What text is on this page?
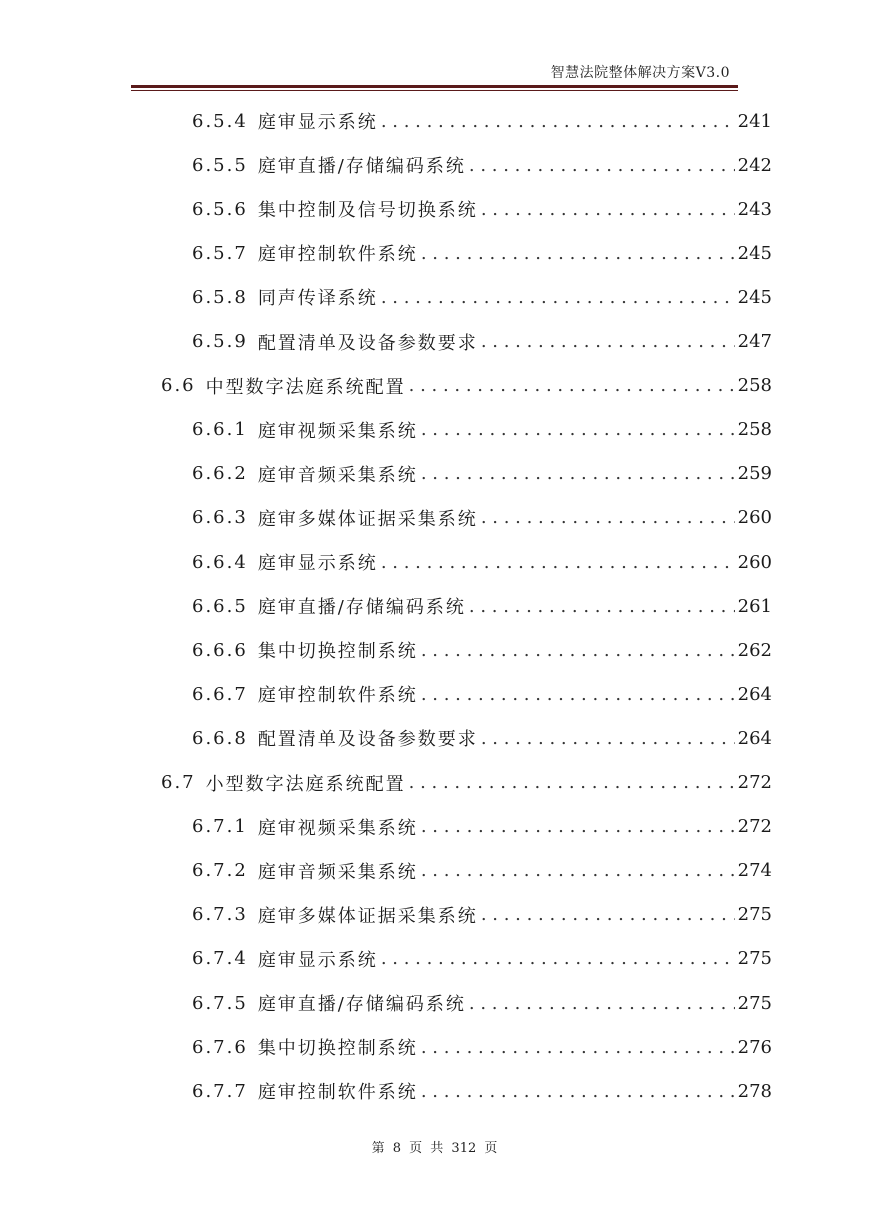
智慧法院整体解决方案V3.0
6.5.4 庭审显示系统 . . .	241
6.5.5 庭审直播/存储编码系统 . . .	242
6.5.6 集中控制及信号切换系统 . . .	243
6.5.7 庭审控制软件系统 . . .	245
6.5.8 同声传译系统 . . .	245
6.5.9 配置清单及设备参数要求 . . .	247
6.6 中型数字法庭系统配置 . . .	258
6.6.1 庭审视频采集系统 . . .	258
6.6.2 庭审音频采集系统 . . .	259
6.6.3 庭审多媒体证据采集系统 . . .	260
6.6.4 庭审显示系统 . . .	260
6.6.5 庭审直播/存储编码系统 . . .	261
6.6.6 集中切换控制系统 . . .	262
6.6.7 庭审控制软件系统 . . .	264
6.6.8 配置清单及设备参数要求 . . .	264
6.7 小型数字法庭系统配置 . . .	272
6.7.1 庭审视频采集系统 . . .	272
6.7.2 庭审音频采集系统 . . .	274
6.7.3 庭审多媒体证据采集系统 . . .	275
6.7.4 庭审显示系统 . . .	275
6.7.5 庭审直播/存储编码系统 . . .	275
6.7.6 集中切换控制系统 . . .	276
6.7.7 庭审控制软件系统 . . .	278
第 8 页 共 312 页
